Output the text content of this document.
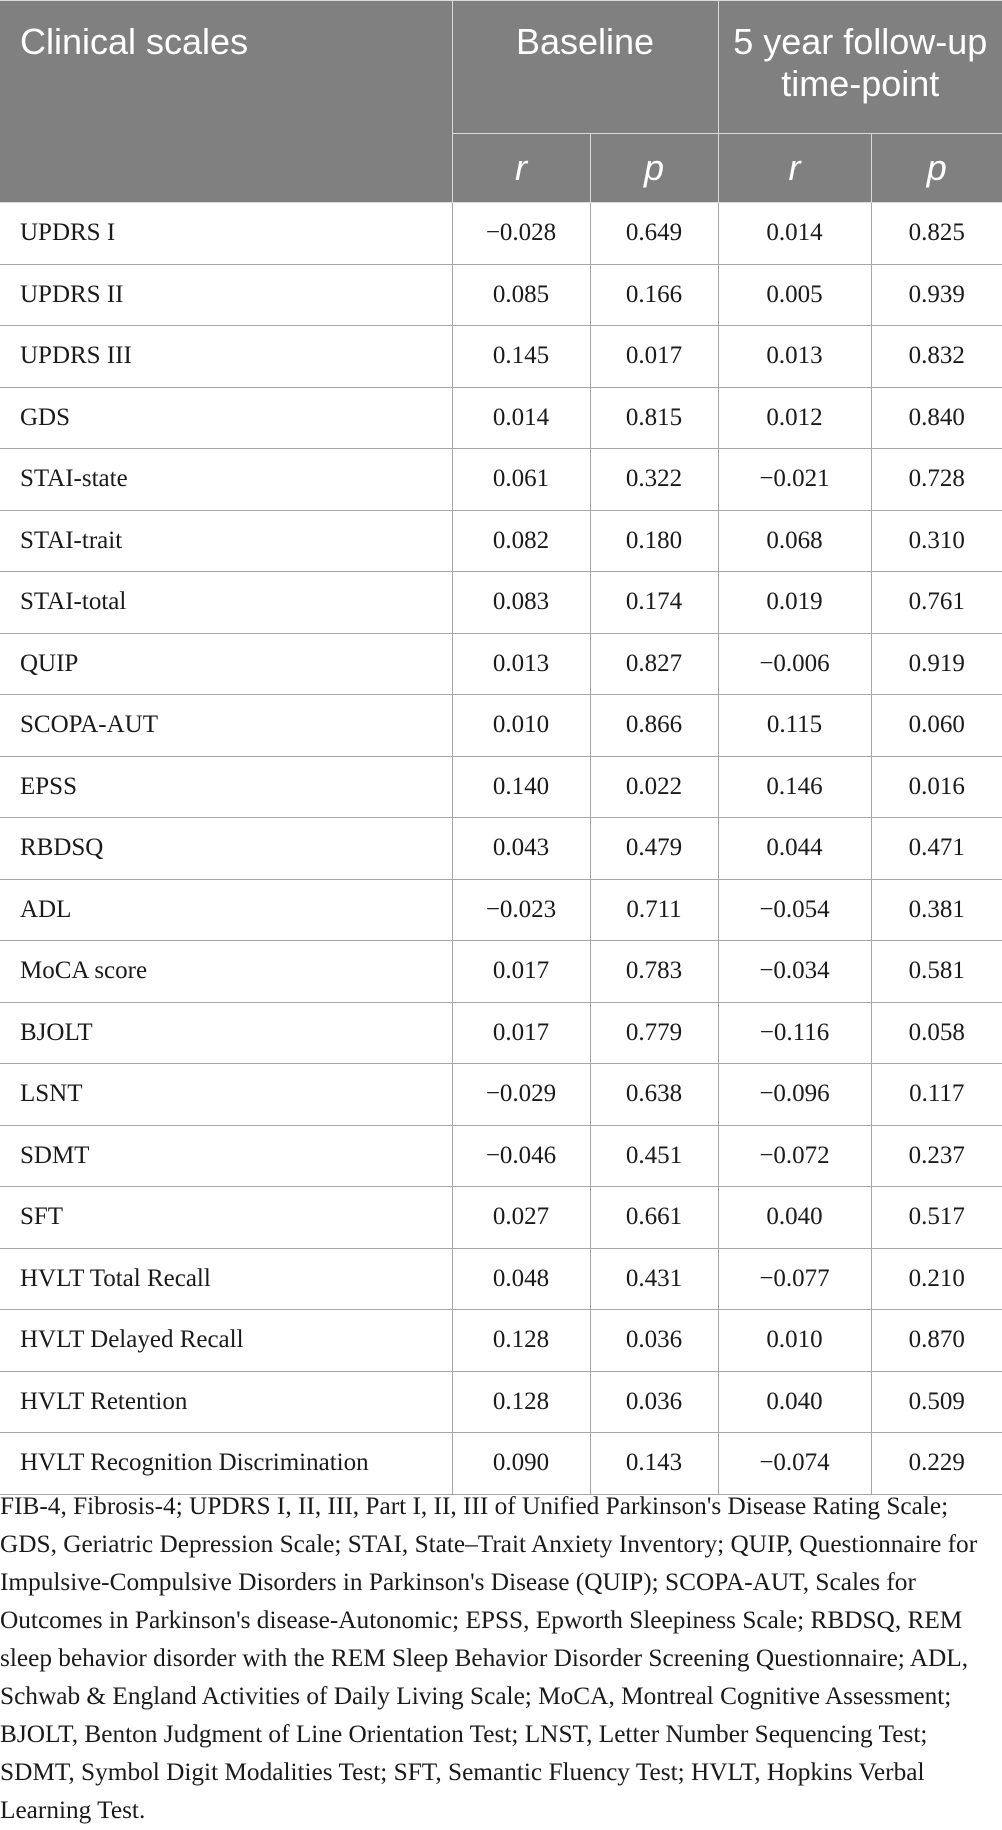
Clinical scales	Baseline		5 year follow-up time-point	
	r	p	r	p
UPDRS I	−0.028	0.649	0.014	0.825
UPDRS II	0.085	0.166	0.005	0.939
UPDRS III	0.145	0.017	0.013	0.832
GDS	0.014	0.815	0.012	0.840
STAI-state	0.061	0.322	−0.021	0.728
STAI-trait	0.082	0.180	0.068	0.310
STAI-total	0.083	0.174	0.019	0.761
QUIP	0.013	0.827	−0.006	0.919
SCOPA-AUT	0.010	0.866	0.115	0.060
EPSS	0.140	0.022	0.146	0.016
RBDSQ	0.043	0.479	0.044	0.471
ADL	−0.023	0.711	−0.054	0.381
MoCA score	0.017	0.783	−0.034	0.581
BJOLT	0.017	0.779	−0.116	0.058
LSNT	−0.029	0.638	−0.096	0.117
SDMT	−0.046	0.451	−0.072	0.237
SFT	0.027	0.661	0.040	0.517
HVLT Total Recall	0.048	0.431	−0.077	0.210
HVLT Delayed Recall	0.128	0.036	0.010	0.870
HVLT Retention	0.128	0.036	0.040	0.509
HVLT Recognition Discrimination	0.090	0.143	−0.074	0.229
FIB-4, Fibrosis-4; UPDRS I, II, III, Part I, II, III of Unified Parkinson's Disease Rating Scale; GDS, Geriatric Depression Scale; STAI, State–Trait Anxiety Inventory; QUIP, Questionnaire for Impulsive-Compulsive Disorders in Parkinson's Disease (QUIP); SCOPA-AUT, Scales for Outcomes in Parkinson's disease-Autonomic; EPSS, Epworth Sleepiness Scale; RBDSQ, REM sleep behavior disorder with the REM Sleep Behavior Disorder Screening Questionnaire; ADL, Schwab & England Activities of Daily Living Scale; MoCA, Montreal Cognitive Assessment; BJOLT, Benton Judgment of Line Orientation Test; LNST, Letter Number Sequencing Test; SDMT, Symbol Digit Modalities Test; SFT, Semantic Fluency Test; HVLT, Hopkins Verbal Learning Test.
